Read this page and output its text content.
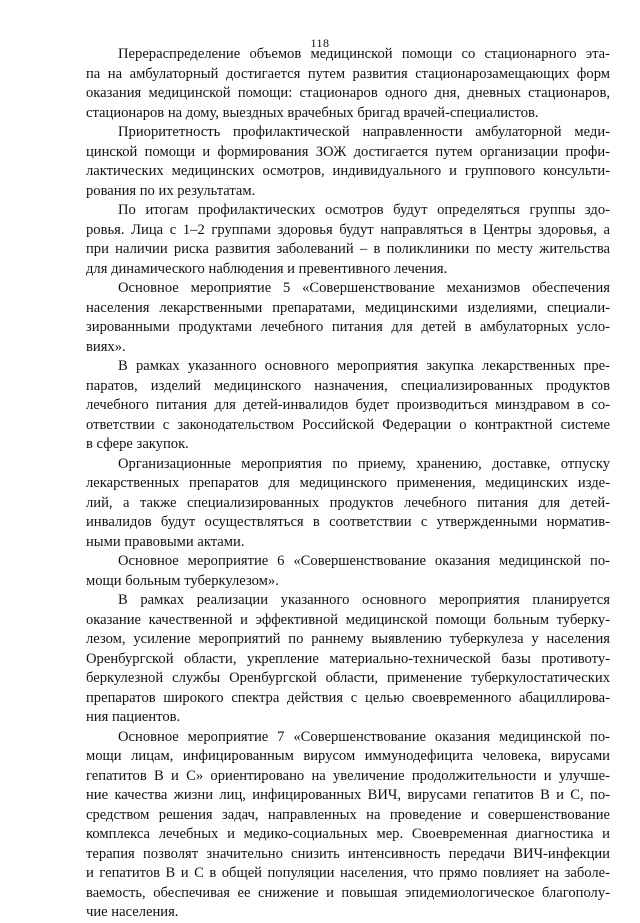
118
Перераспределение объемов медицинской помощи со стационарного эта-
па на амбулаторный достигается путем развития стационарозамещающих форм
оказания медицинской помощи: стационаров одного дня, дневных стационаров,
стационаров на дому, выездных врачебных бригад врачей-специалистов.
Приоритетность профилактической направленности амбулаторной меди-
цинской помощи и формирования ЗОЖ достигается путем организации профи-
лактических медицинских осмотров, индивидуального и группового консульти-
рования по их результатам.
По итогам профилактических осмотров будут определяться группы здо-
ровья. Лица с 1–2 группами здоровья будут направляться в Центры здоровья, а
при наличии риска развития заболеваний – в поликлиники по месту жительства
для динамического наблюдения и превентивного лечения.
Основное мероприятие 5 «Совершенствование механизмов обеспечения
населения лекарственными препаратами, медицинскими изделиями, специали-
зированными продуктами лечебного питания для детей в амбулаторных усло-
виях».
В рамках указанного основного мероприятия закупка лекарственных пре-
паратов, изделий медицинского назначения, специализированных продуктов
лечебного питания для детей-инвалидов будет производиться минздравом в со-
ответствии с законодательством Российской Федерации о контрактной системе
в сфере закупок.
Организационные мероприятия по приему, хранению, доставке, отпуску
лекарственных препаратов для медицинского применения, медицинских изде-
лий, а также специализированных продуктов лечебного питания для детей-
инвалидов будут осуществляться в соответствии с утвержденными норматив-
ными правовыми актами.
Основное мероприятие 6 «Совершенствование оказания медицинской по-
мощи больным туберкулезом».
В рамках реализации указанного основного мероприятия планируется
оказание качественной и эффективной медицинской помощи больным туберку-
лезом, усиление мероприятий по раннему выявлению туберкулеза у населения
Оренбургской области, укрепление материально-технической базы противоту-
беркулезной службы Оренбургской области, применение туберкулостатических
препаратов широкого спектра действия с целью своевременного абациллирова-
ния пациентов.
Основное мероприятие 7 «Совершенствование оказания медицинской по-
мощи лицам, инфицированным вирусом иммунодефицита человека, вирусами
гепатитов В и С» ориентировано на увеличение продолжительности и улучше-
ние качества жизни лиц, инфицированных ВИЧ, вирусами гепатитов В и С, по-
средством решения задач, направленных на проведение и совершенствование
комплекса лечебных и медико-социальных мер. Своевременная диагностика и
терапия позволят значительно снизить интенсивность передачи ВИЧ-инфекции
и гепатитов В и С в общей популяции населения, что прямо повлияет на заболе-
ваемость, обеспечивая ее снижение и повышая эпидемиологическое благополу-
чие населения.
